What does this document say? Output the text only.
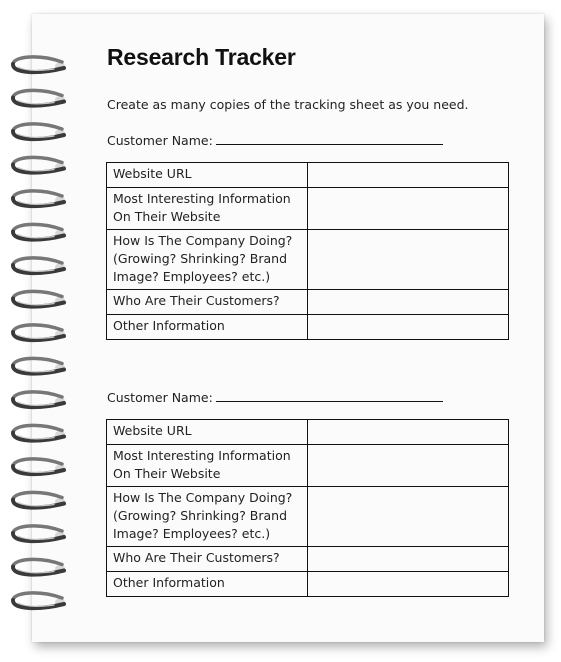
Research Tracker
Create as many copies of the tracking sheet as you need.
Customer Name:
Website URL	
Most Interesting Information On Their Website	
How Is The Company Doing? (Growing? Shrinking? Brand Image? Employees? etc.)	
Who Are Their Customers?	
Other Information	
Customer Name:
Website URL	
Most Interesting Information On Their Website	
How Is The Company Doing? (Growing? Shrinking? Brand Image? Employees? etc.)	
Who Are Their Customers?	
Other Information	
